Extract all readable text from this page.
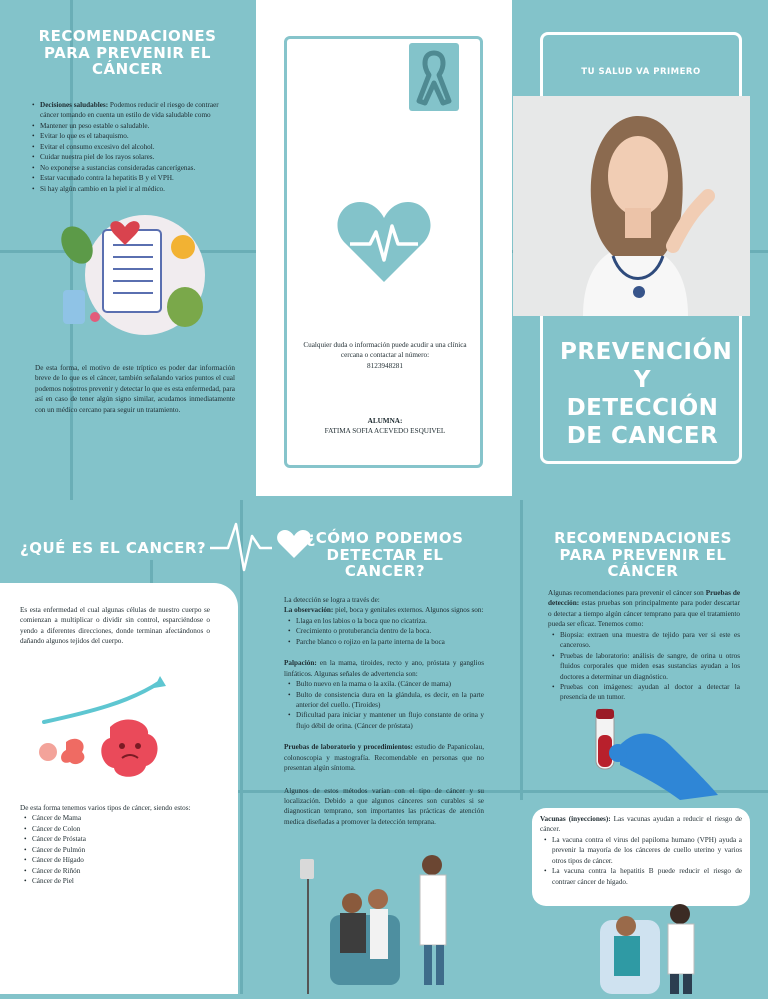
RECOMENDACIONES PARA PREVENIR EL CÁNCER
• Decisiones saludables: Podemos reducir el riesgo de contraer cáncer tomando en cuenta un estilo de vida saludable como
• Mantener un peso estable o saludable.
• Evitar lo que es el tabaquismo.
• Evitar el consumo excesivo del alcohol.
• Cuidar nuestra piel de los rayos solares.
• No exponerse a sustancias consideradas cancerígenas.
• Estar vacunado contra la hepatitis B y el VPH.
• Si hay algún cambio en la piel ir al médico.
De esta forma, el motivo de este tríptico es poder dar información breve de lo que es el cáncer, también señalando varios puntos el cual podemos nosotros prevenir y detectar lo que es esta enfermedad, para así en caso de tener algún signo similar, acudamos inmediatamente con un médico cercano para seguir un tratamiento.
Cualquier duda o información puede acudir a una clínica cercana o contactar al número:
8123948281
ALUMNA:
FATIMA SOFIA ACEVEDO ESQUIVEL
TU SALUD VA PRIMERO
PREVENCIÓN Y DETECCIÓN DE CANCER
¿QUÉ ES EL CANCER?
Es esta enfermedad el cual algunas células de nuestro cuerpo se comienzan a multiplicar o dividir sin control, esparciéndose o yendo a diferentes direcciones, donde terminan afectándonos o dañando algunos tejidos del cuerpo.
De esta forma tenemos varios tipos de cáncer, siendo estos:
• Cáncer de Mama
• Cáncer de Colon
• Cáncer de Próstata
• Cáncer de Pulmón
• Cáncer de Hígado
• Cáncer de Riñón
• Cáncer de Piel
¿CÓMO PODEMOS DETECTAR EL CANCER?
La detección se logra a través de:
La observación: piel, boca y genitales externos. Algunos signos son:
• Llaga en los labios o la boca que no cicatriza.
• Crecimiento o protuberancia dentro de la boca.
• Parche blanco o rojizo en la parte interna de la boca
Palpación: en la mama, tiroides, recto y ano, próstata y ganglios linfáticos. Algunas señales de advertencia son:
• Bulto nuevo en la mama o la axila. (Cáncer de mama)
• Bulto de consistencia dura en la glándula, es decir, en la parte anterior del cuello. (Tiroides)
• Dificultad para iniciar y mantener un flujo constante de orina y flujo débil de orina. (Cáncer de próstata)
Pruebas de laboratorio y procedimientos: estudio de Papanicolau, colonoscopia y mastografía. Recomendable en personas que no presentan algún síntoma.
Algunos de estos métodos varían con el tipo de cáncer y su localización. Debido a que algunos cánceres son curables si se diagnostican temprano, son importantes las prácticas de atención medica diseñadas a promover la detección temprana.
RECOMENDACIONES PARA PREVENIR EL CÁNCER
Algunas recomendaciones para prevenir el cáncer son Pruebas de detección: estas pruebas son principalmente para poder descartar o detectar a tiempo algún cáncer temprano para que el tratamiento pueda ser eficaz. Tenemos como:
• Biopsia: extraen una muestra de tejido para ver si este es canceroso.
• Pruebas de laboratorio: análisis de sangre, de orina u otros fluidos corporales que miden esas sustancias ayudan a los doctores a determinar un diagnóstico.
• Pruebas con imágenes: ayudan al doctor a detectar la presencia de un tumor.
Vacunas (inyecciones): Las vacunas ayudan a reducir el riesgo de cáncer.
• La vacuna contra el virus del papiloma humano (VPH) ayuda a prevenir la mayoría de los cánceres de cuello uterino y varios otros tipos de cáncer.
• La vacuna contra la hepatitis B puede reducir el riesgo de contraer cáncer de hígado.
